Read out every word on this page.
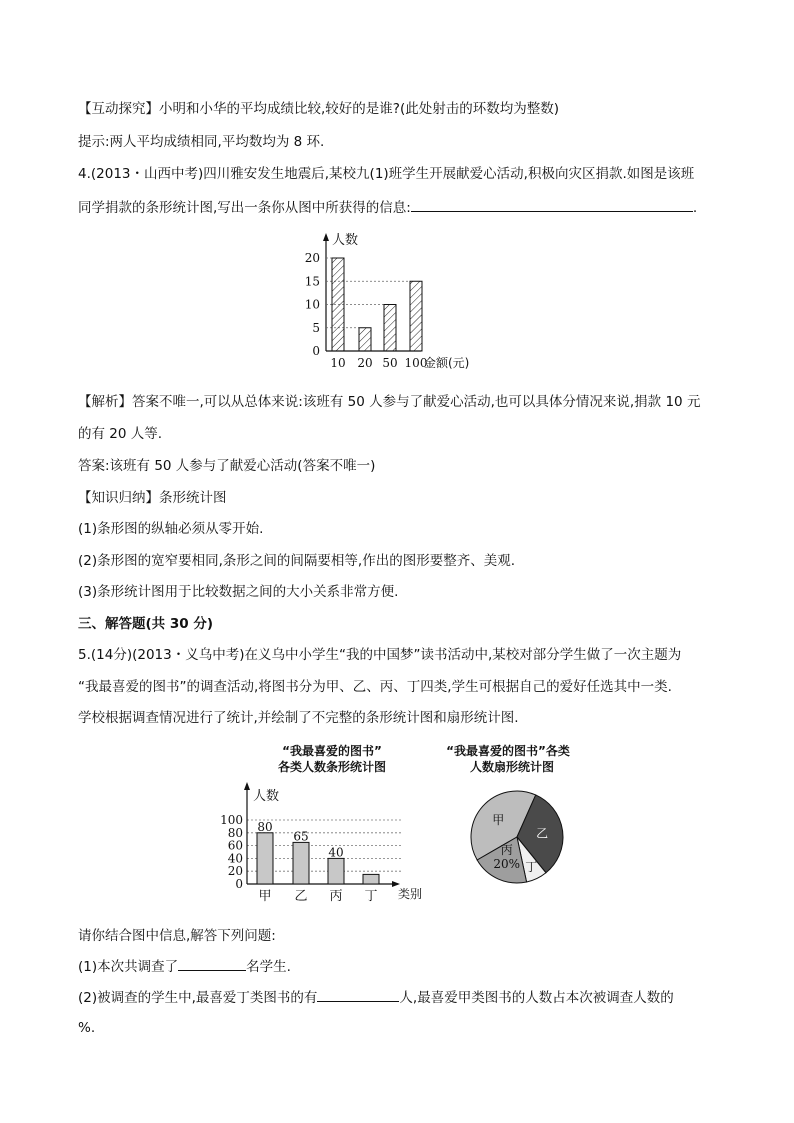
【互动探究】小明和小华的平均成绩比较,较好的是谁?(此处射击的环数均为整数)
提示:两人平均成绩相同,平均数均为 8 环.
4.(2013・山西中考)四川雅安发生地震后,某校九(1)班学生开展献爱心活动,积极向灾区捐款.如图是该班
同学捐款的条形统计图,写出一条你从图中所获得的信息:	.
人数
金额(元)
0
5
10
15
20
10 20 50 100
【解析】答案不唯一,可以从总体来说:该班有 50 人参与了献爱心活动,也可以具体分情况来说,捐款 10 元
的有 20 人等.
答案:该班有 50 人参与了献爱心活动(答案不唯一)
【知识归纳】条形统计图
(1)条形图的纵轴必须从零开始.
(2)条形图的宽窄要相同,条形之间的间隔要相等,作出的图形要整齐、美观.
(3)条形统计图用于比较数据之间的大小关系非常方便.
三、解答题(共 30 分)
5.(14分)(2013・义乌中考)在义乌中小学生“我的中国梦”读书活动中,某校对部分学生做了一次主题为
“我最喜爱的图书”的调查活动,将图书分为甲、乙、丙、丁四类,学生可根据自己的爱好任选其中一类.
学校根据调查情况进行了统计,并绘制了不完整的条形统计图和扇形统计图.
“我最喜爱的图书”
各类人数条形统计图
0
20
40
60
80
100
人数
类别
80
甲
65
乙
40
丙 丁
“我最喜爱的图书”各类
人数扇形统计图
甲
乙
丁
丙
20%
请你结合图中信息,解答下列问题:
(1)本次共调查了	名学生.
(2)被调查的学生中,最喜爱丁类图书的有	人,最喜爱甲类图书的人数占本次被调查人数的
%.
